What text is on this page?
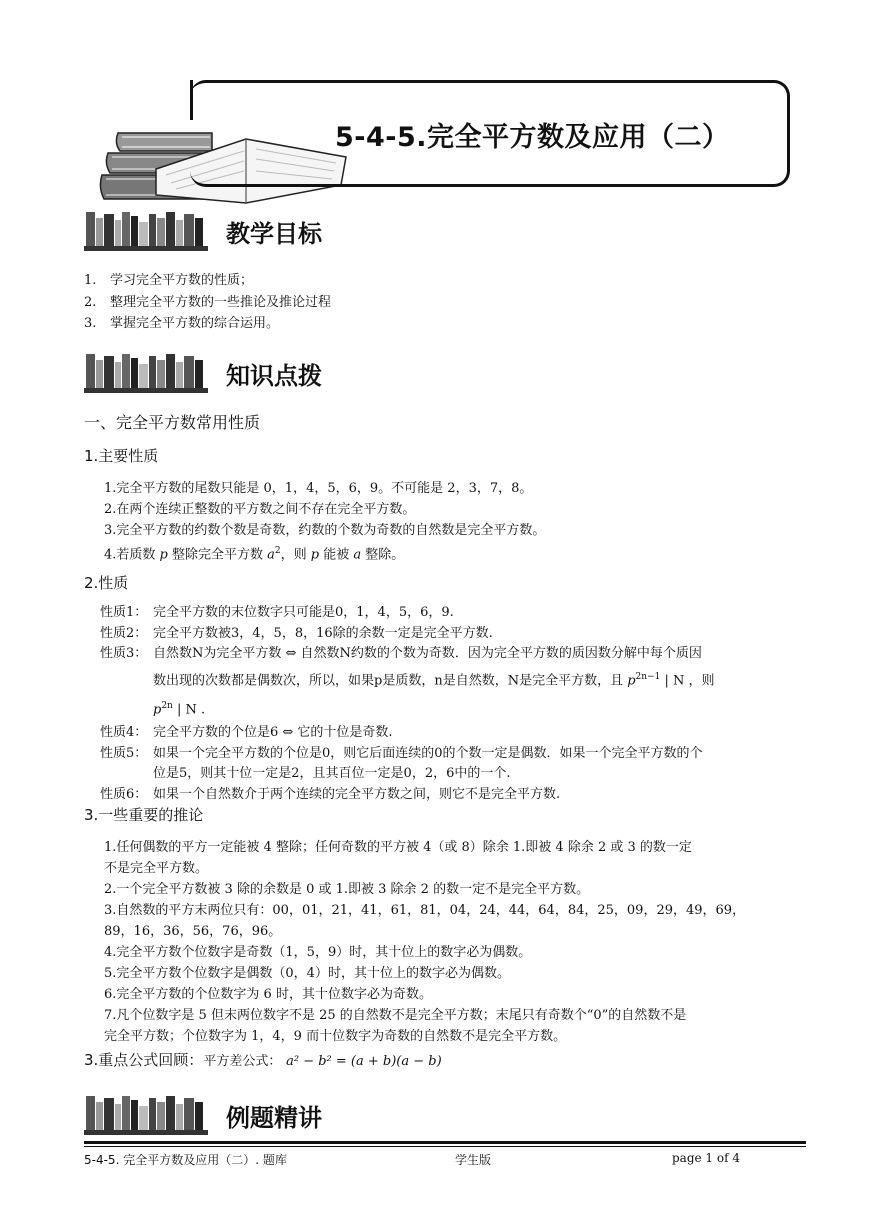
5-4-5.完全平方数及应用（二）
教学目标
1. 学习完全平方数的性质；
2. 整理完全平方数的一些推论及推论过程
3. 掌握完全平方数的综合运用。
知识点拨
一、完全平方数常用性质
1.主要性质
1.完全平方数的尾数只能是 0，1，4，5，6，9。不可能是 2，3，7，8。
2.在两个连续正整数的平方数之间不存在完全平方数。
3.完全平方数的约数个数是奇数，约数的个数为奇数的自然数是完全平方数。
4.若质数 p 整除完全平方数 $a^2$，则 p 能被 a 整除。
2.性质
性质1： 完全平方数的末位数字只可能是0，1，4，5，6，9.
性质2： 完全平方数被3，4，5，8，16除的余数一定是完全平方数.
性质3： 自然数N为完全平方数 ⇔ 自然数N约数的个数为奇数．因为完全平方数的质因数分解中每个质因
数出现的次数都是偶数次，所以，如果p是质数，n是自然数，N是完全平方数，且 $p^{2n-1}$ | N ，则
$p^{2n}$ | N .
性质4： 完全平方数的个位是6 ⇔ 它的十位是奇数.
性质5： 如果一个完全平方数的个位是0，则它后面连续的0的个数一定是偶数．如果一个完全平方数的个
位是5，则其十位一定是2，且其百位一定是0，2，6中的一个.
性质6： 如果一个自然数介于两个连续的完全平方数之间，则它不是完全平方数.
3.一些重要的推论
1.任何偶数的平方一定能被 4 整除；任何奇数的平方被 4（或 8）除余 1.即被 4 除余 2 或 3 的数一定
不是完全平方数。
2.一个完全平方数被 3 除的余数是 0 或 1.即被 3 除余 2 的数一定不是完全平方数。
3.自然数的平方末两位只有：00，01，21，41，61，81，04，24，44，64，84，25，09，29，49，69，
89，16，36，56，76，96。
4.完全平方数个位数字是奇数（1，5，9）时，其十位上的数字必为偶数。
5.完全平方数个位数字是偶数（0，4）时，其十位上的数字必为偶数。
6.完全平方数的个位数字为 6 时，其十位数字必为奇数。
7.凡个位数字是 5 但末两位数字不是 25 的自然数不是完全平方数；末尾只有奇数个“0”的自然数不是
完全平方数；个位数字为 1，4，9 而十位数字为奇数的自然数不是完全平方数。
3.重点公式回顾：平方差公式： a² − b² = (a + b)(a − b)
例题精讲
5-4-5. 完全平方数及应用（二）. 题库	学生版	page 1 of 4
